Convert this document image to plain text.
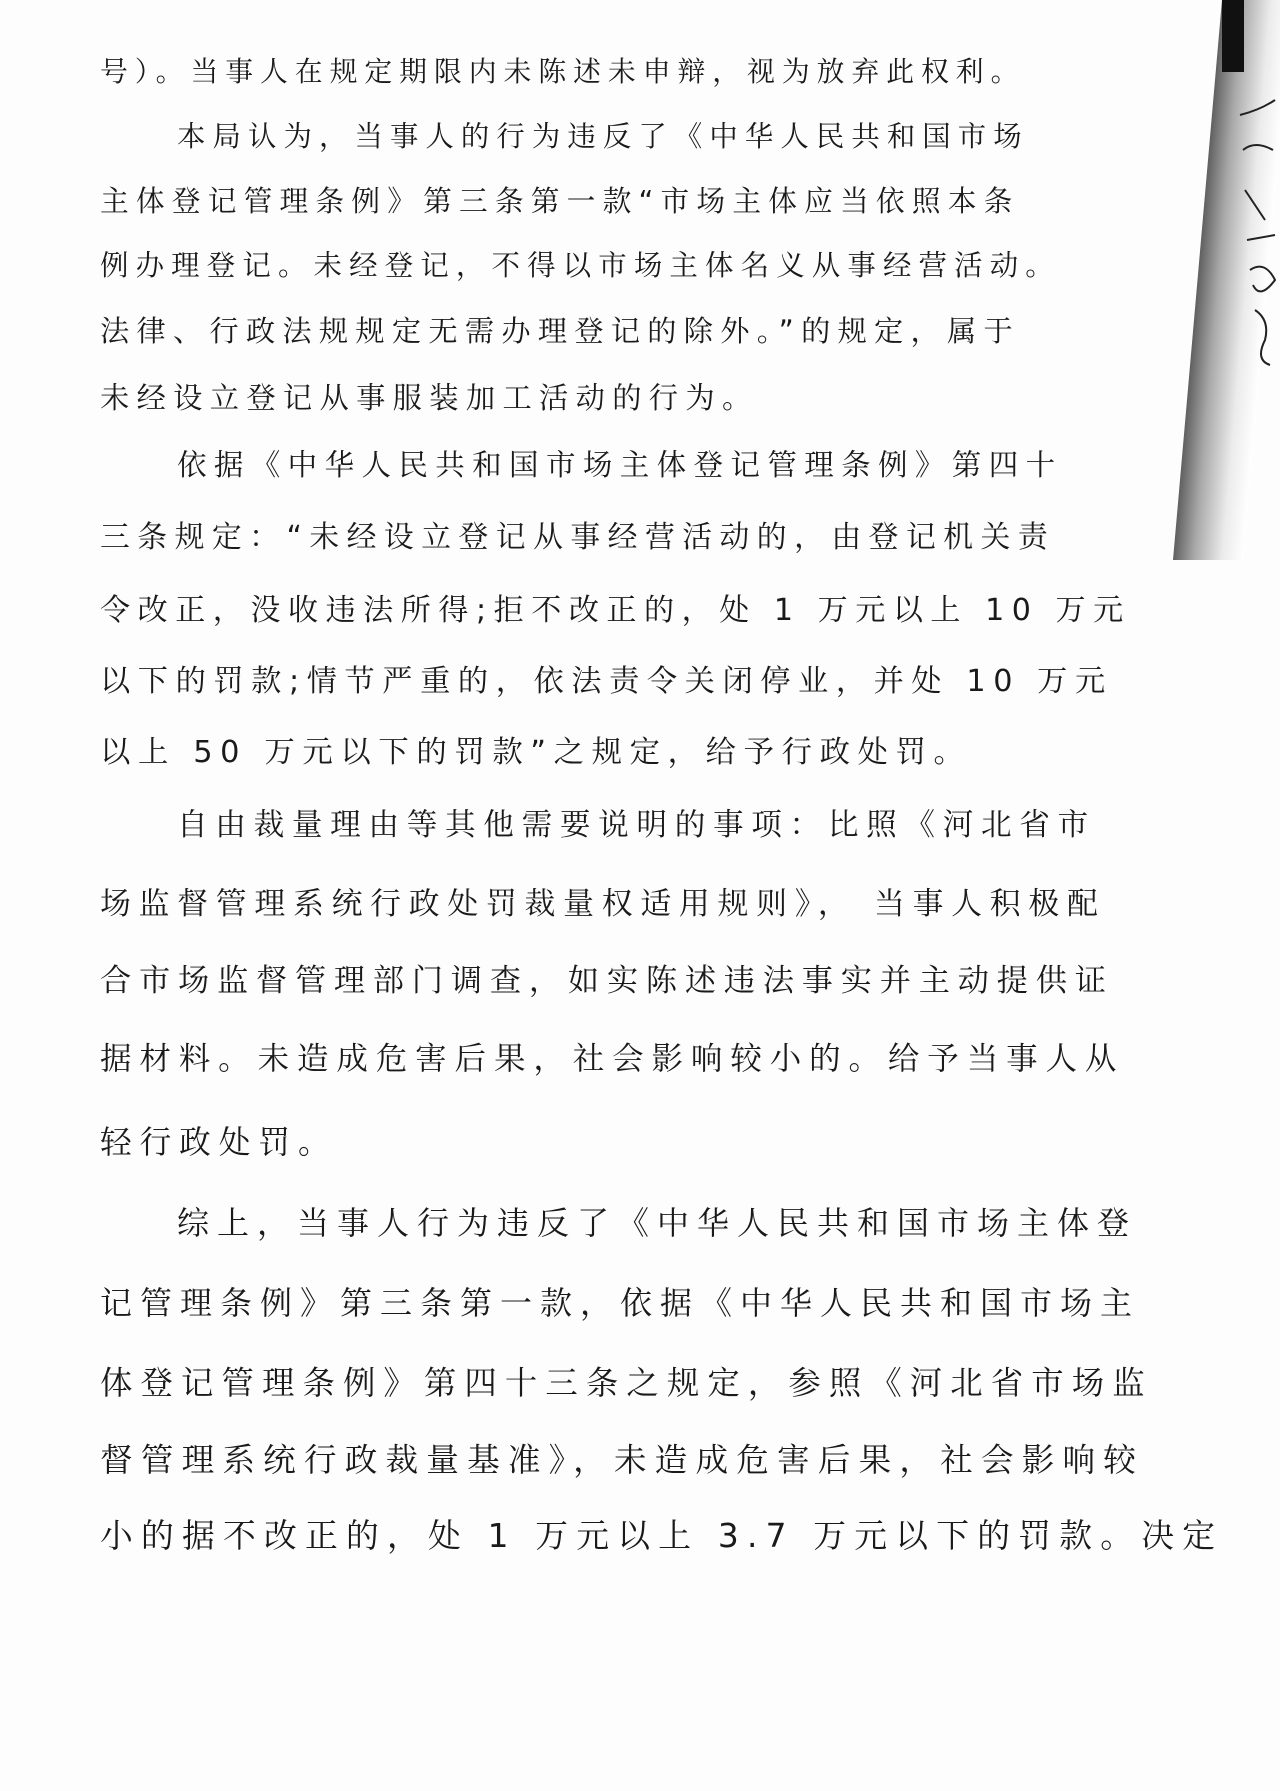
号）。当事人在规定期限内未陈述未申辩，视为放弃此权利。
本局认为，当事人的行为违反了《中华人民共和国市场
主体登记管理条例》第三条第一款“市场主体应当依照本条
例办理登记。未经登记，不得以市场主体名义从事经营活动。
法律、行政法规规定无需办理登记的除外。”的规定，属于
未经设立登记从事服装加工活动的行为。
依据《中华人民共和国市场主体登记管理条例》第四十
三条规定：“未经设立登记从事经营活动的，由登记机关责
令改正，没收违法所得;拒不改正的，处 1 万元以上 10 万元
以下的罚款;情节严重的，依法责令关闭停业，并处 10 万元
以上 50 万元以下的罚款”之规定，给予行政处罚。
自由裁量理由等其他需要说明的事项：比照《河北省市
场监督管理系统行政处罚裁量权适用规则》， 当事人积极配
合市场监督管理部门调查，如实陈述违法事实并主动提供证
据材料。未造成危害后果，社会影响较小的。给予当事人从
轻行政处罚。
综上，当事人行为违反了《中华人民共和国市场主体登
记管理条例》第三条第一款，依据《中华人民共和国市场主
体登记管理条例》第四十三条之规定，参照《河北省市场监
督管理系统行政裁量基准》，未造成危害后果，社会影响较
小的据不改正的，处 1 万元以上 3.7 万元以下的罚款。决定
